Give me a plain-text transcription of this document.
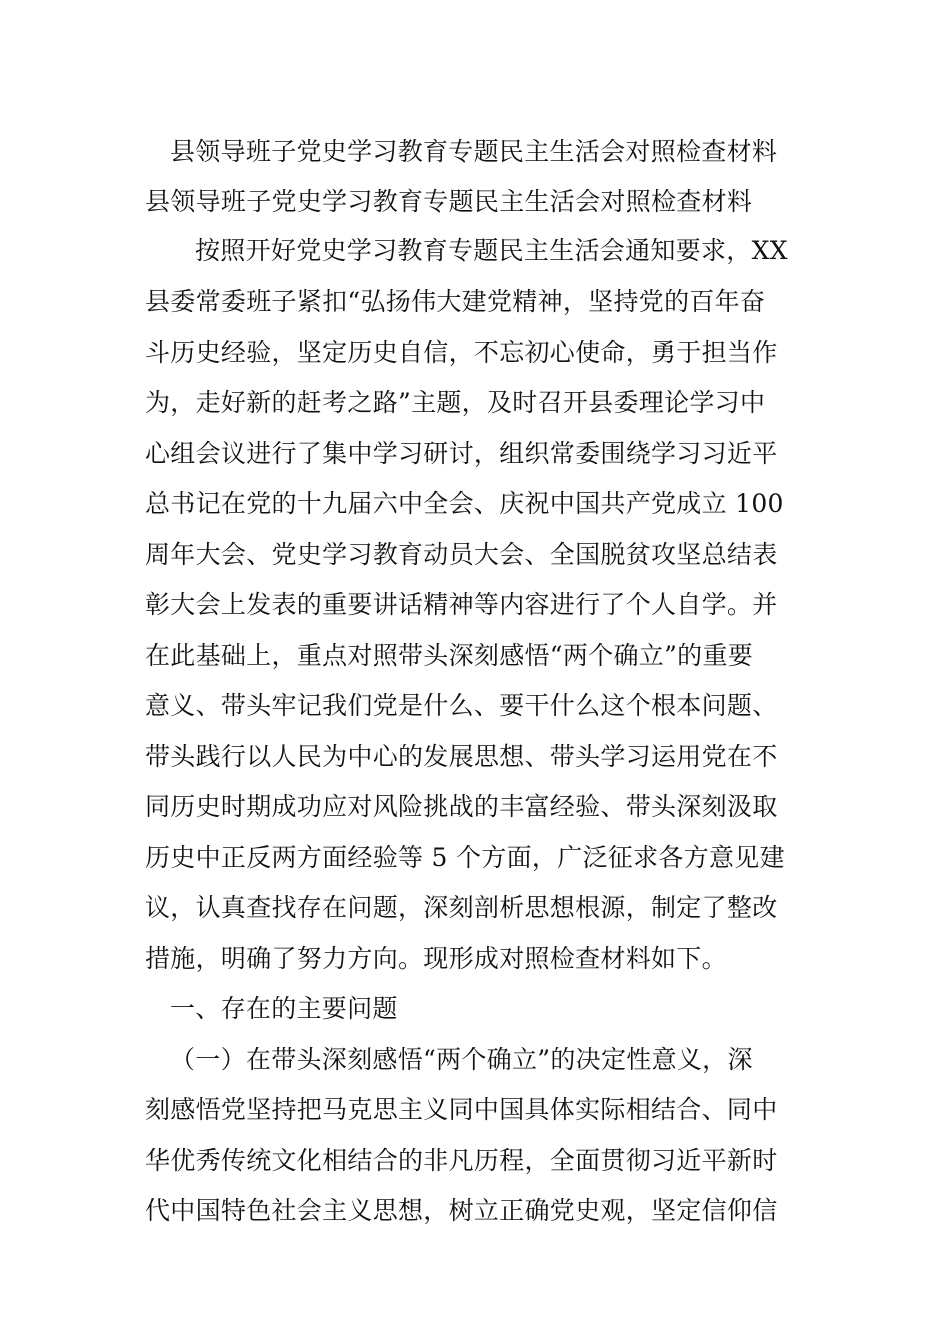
县领导班子党史学习教育专题民主生活会对照检查材料
县领导班子党史学习教育专题民主生活会对照检查材料
按照开好党史学习教育专题民主生活会通知要求，XX
县委常委班子紧扣“弘扬伟大建党精神，坚持党的百年奋
斗历史经验，坚定历史自信，不忘初心使命，勇于担当作
为，走好新的赶考之路”主题，及时召开县委理论学习中
心组会议进行了集中学习研讨，组织常委围绕学习习近平
总书记在党的十九届六中全会、庆祝中国共产党成立 100
周年大会、党史学习教育动员大会、全国脱贫攻坚总结表
彰大会上发表的重要讲话精神等内容进行了个人自学。并
在此基础上，重点对照带头深刻感悟“两个确立”的重要
意义、带头牢记我们党是什么、要干什么这个根本问题、
带头践行以人民为中心的发展思想、带头学习运用党在不
同历史时期成功应对风险挑战的丰富经验、带头深刻汲取
历史中正反两方面经验等 5 个方面，广泛征求各方意见建
议，认真查找存在问题，深刻剖析思想根源，制定了整改
措施，明确了努力方向。现形成对照检查材料如下。
一、存在的主要问题
（一）在带头深刻感悟“两个确立”的决定性意义，深
刻感悟党坚持把马克思主义同中国具体实际相结合、同中
华优秀传统文化相结合的非凡历程，全面贯彻习近平新时
代中国特色社会主义思想，树立正确党史观，坚定信仰信
